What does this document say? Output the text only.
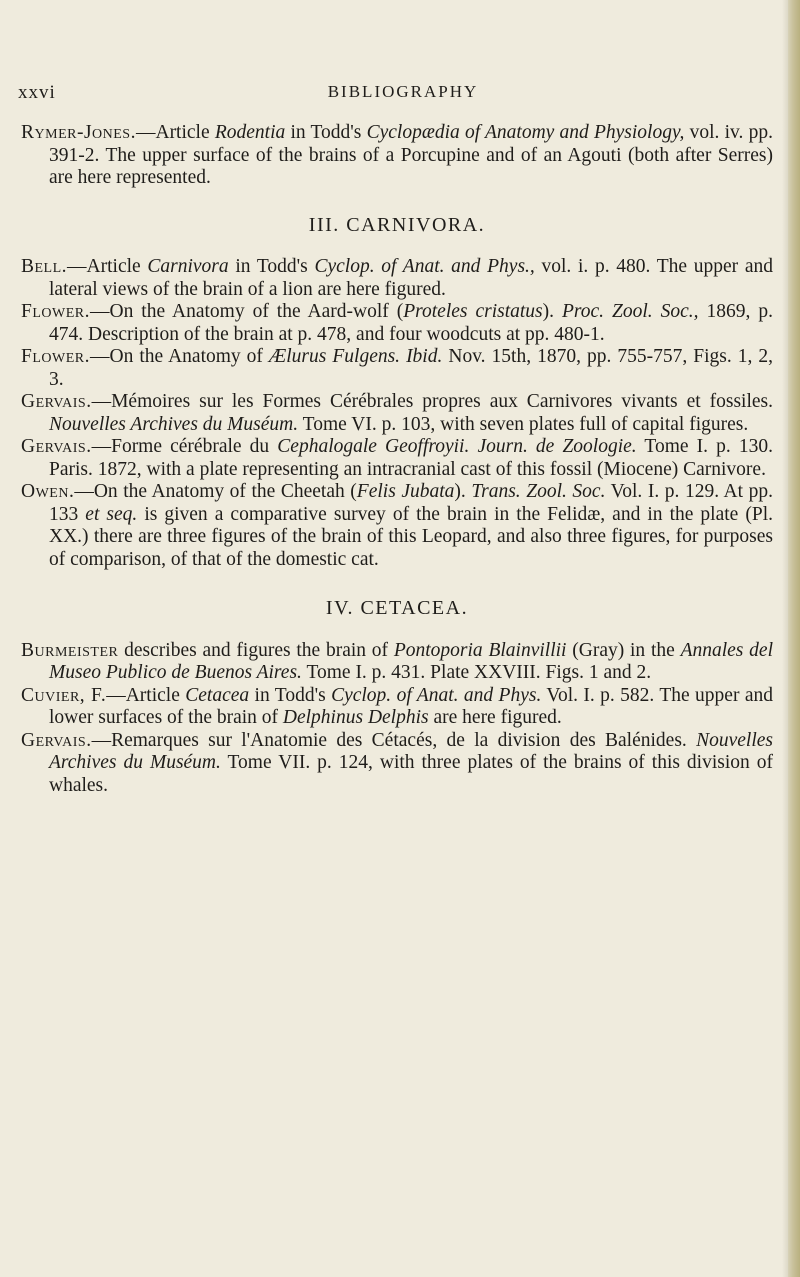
xxvi	BIBLIOGRAPHY

Rymer-Jones.—Article Rodentia in Todd's Cyclopædia of Anatomy and Physiology, vol. iv. pp. 391-2. The upper surface of the brains of a Porcupine and of an Agouti (both after Serres) are here represented.

III. CARNIVORA.

Bell.—Article Carnivora in Todd's Cyclop. of Anat. and Phys., vol. i. p. 480. The upper and lateral views of the brain of a lion are here figured.

Flower.—On the Anatomy of the Aard-wolf (Proteles cristatus). Proc. Zool. Soc., 1869, p. 474. Description of the brain at p. 478, and four woodcuts at pp. 480-1.

Flower.—On the Anatomy of Ælurus Fulgens. Ibid. Nov. 15th, 1870, pp. 755-757, Figs. 1, 2, 3.

Gervais.—Mémoires sur les Formes Cérébrales propres aux Carnivores vivants et fossiles. Nouvelles Archives du Muséum. Tome VI. p. 103, with seven plates full of capital figures.

Gervais.—Forme cérébrale du Cephalogale Geoffroyii. Journ. de Zoologie. Tome I. p. 130. Paris. 1872, with a plate representing an intracranial cast of this fossil (Miocene) Carnivore.

Owen.—On the Anatomy of the Cheetah (Felis Jubata). Trans. Zool. Soc. Vol. I. p. 129. At pp. 133 et seq. is given a comparative survey of the brain in the Felidæ, and in the plate (Pl. XX.) there are three figures of the brain of this Leopard, and also three figures, for purposes of comparison, of that of the domestic cat.

IV. CETACEA.

Burmeister describes and figures the brain of Pontoporia Blainvillii (Gray) in the Annales del Museo Publico de Buenos Aires. Tome I. p. 431. Plate XXVIII. Figs. 1 and 2.

Cuvier, F.—Article Cetacea in Todd's Cyclop. of Anat. and Phys. Vol. I. p. 582. The upper and lower surfaces of the brain of Delphinus Delphis are here figured.

Gervais.—Remarques sur l'Anatomie des Cétacés, de la division des Balénides. Nouvelles Archives du Muséum. Tome VII. p. 124, with three plates of the brains of this division of whales.
